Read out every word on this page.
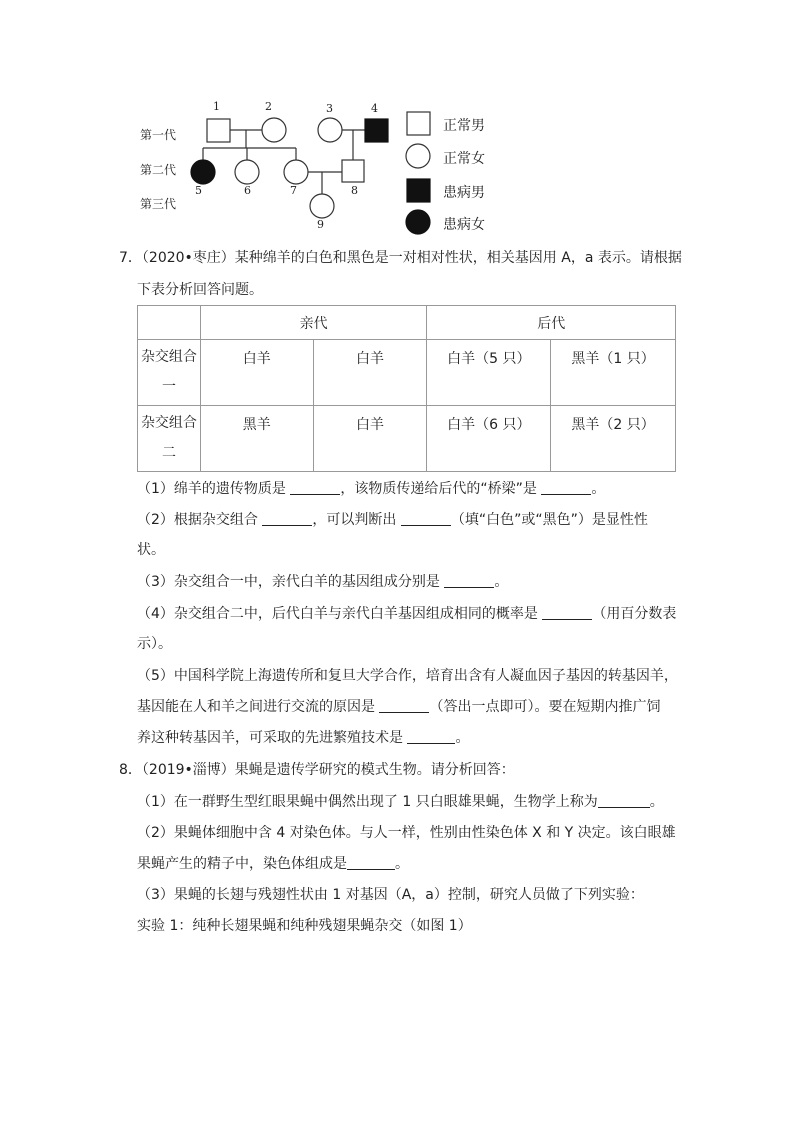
第一代
第二代
第三代
1	2	3	4
5	6	7	8
9
正常男
正常女
患病男
患病女
7．（2020•枣庄）某种绵羊的白色和黑色是一对相对性状，相关基因用 A，a 表示。请根据
下表分析回答问题。
	亲代		后代	
杂交组合
一	白羊	白羊	白羊（5 只）	黑羊（1 只）
杂交组合
二	黑羊	白羊	白羊（6 只）	黑羊（2 只）
（1）绵羊的遗传物质是	，该物质传递给后代的“桥梁”是	。
（2）根据杂交组合	，可以判断出	（填“白色”或“黑色”）是显性性
状。
（3）杂交组合一中，亲代白羊的基因组成分别是	。
（4）杂交组合二中，后代白羊与亲代白羊基因组成相同的概率是	（用百分数表
示）。
（5）中国科学院上海遗传所和复旦大学合作，培育出含有人凝血因子基因的转基因羊，
基因能在人和羊之间进行交流的原因是	（答出一点即可）。要在短期内推广饲
养这种转基因羊，可采取的先进繁殖技术是	。
8．（2019•淄博）果蝇是遗传学研究的模式生物。请分析回答：
（1）在一群野生型红眼果蝇中偶然出现了 1 只白眼雄果蝇，生物学上称为	。
（2）果蝇体细胞中含 4 对染色体。与人一样，性别由性染色体 X 和 Y 决定。该白眼雄
果蝇产生的精子中，染色体组成是	。
（3）果蝇的长翅与残翅性状由 1 对基因（A，a）控制，研究人员做了下列实验：
实验 1：纯种长翅果蝇和纯种残翅果蝇杂交（如图 1）
